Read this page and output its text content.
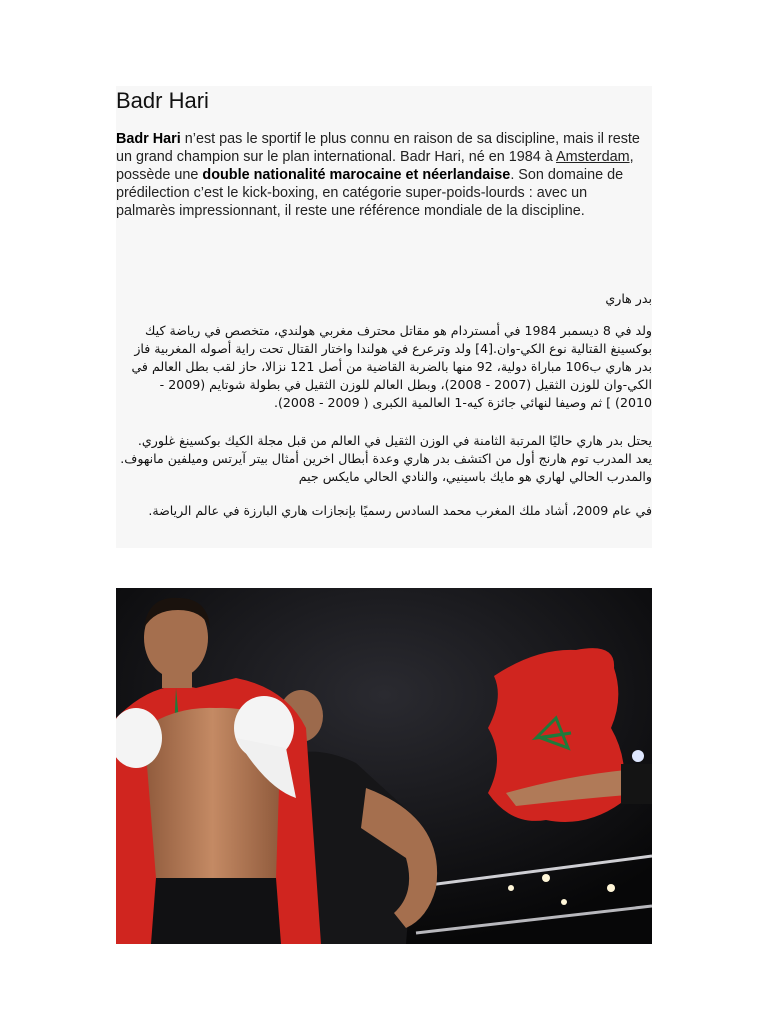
Badr Hari

Badr Hari n’est pas le sportif le plus connu en raison de sa discipline, mais il reste un grand champion sur le plan international. Badr Hari, né en 1984 à Amsterdam, possède une double nationalité marocaine et néerlandaise. Son domaine de prédilection c’est le kick-boxing, en catégorie super-poids-lourds : avec un palmarès impressionnant, il reste une référence mondiale de la discipline.

بدر هاري

ولد في 8 ديسمبر 1984 في أمستردام هو مقاتل محترف مغربي هولندي، متخصص في رياضة كيك بوكسينغ القتالية نوع الكي-وان.[4] ولد وترعرع في هولندا واختار القتال تحت راية أصوله المغربية فاز بدر هاري ب106 مباراة دولية، 92 منها بالضربة القاضية من أصل 121 نزالا، حاز لقب بطل العالم في الكي-وان للوزن الثقيل (2007 - 2008)، وبطل العالم للوزن الثقيل في بطولة شوتايم (2009 - 2010) ] ثم وصيفا لنهائي جائزة كيه-1 العالمية الكبرى ( 2009 - 2008).

يحتل بدر هاري حاليًا المرتبة الثامنة في الوزن الثقيل في العالم من قبل مجلة الكيك بوكسينغ غلوري. يعد المدرب توم هارنج أول من اكتشف بدر هاري وعدة أبطال اخرين أمثال بيتر آيرتس وميلفين مانهوف. والمدرب الحالي لهاري هو مايك باسينيي، والنادي الحالي مايكس جيم

في عام 2009، أشاد ملك المغرب محمد السادس رسميًا بإنجازات هاري البارزة في عالم الرياضة.
